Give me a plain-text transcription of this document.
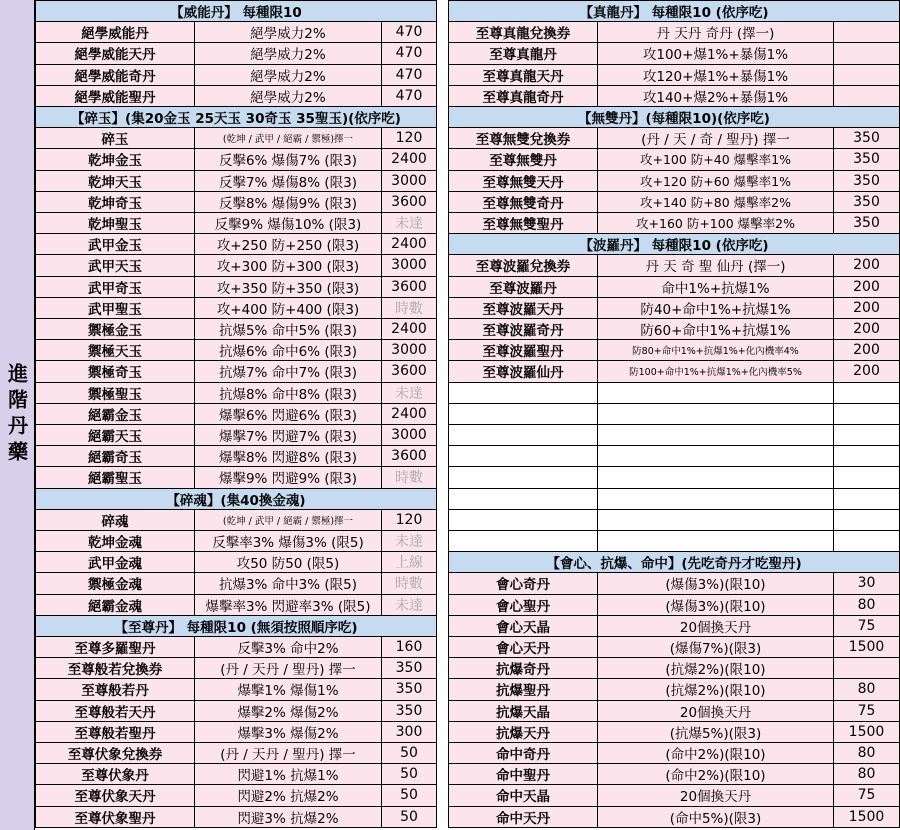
進階丹藥
【威能丹】 每種限10
絕學威能丹	絕學威力2%	470
絕學威能天丹	絕學威力2%	470
絕學威能奇丹	絕學威力2%	470
絕學威能聖丹	絕學威力2%	470
【碎玉】(集20金玉 25天玉 30奇玉 35聖玉)(依序吃)
碎玉	(乾坤 / 武甲 / 絕霸 / 禦極)擇一	120
乾坤金玉	反擊6% 爆傷7% (限3)	2400
乾坤天玉	反擊7% 爆傷8% (限3)	3000
乾坤奇玉	反擊8% 爆傷9% (限3)	3600
乾坤聖玉	反擊9% 爆傷10% (限3)	未達
武甲金玉	攻+250 防+250 (限3)	2400
武甲天玉	攻+300 防+300 (限3)	3000
武甲奇玉	攻+350 防+350 (限3)	3600
武甲聖玉	攻+400 防+400 (限3)	時數
禦極金玉	抗爆5% 命中5% (限3)	2400
禦極天玉	抗爆6% 命中6% (限3)	3000
禦極奇玉	抗爆7% 命中7% (限3)	3600
禦極聖玉	抗爆8% 命中8% (限3)	未達
絕霸金玉	爆擊6% 閃避6% (限3)	2400
絕霸天玉	爆擊7% 閃避7% (限3)	3000
絕霸奇玉	爆擊8% 閃避8% (限3)	3600
絕霸聖玉	爆擊9% 閃避9% (限3)	時數
【碎魂】(集40換金魂)
碎魂	(乾坤 / 武甲 / 絕霸 / 禦極)擇一	120
乾坤金魂	反擊率3% 爆傷3% (限5)	未達
武甲金魂	攻50 防50 (限5)	上線
禦極金魂	抗爆3% 命中3% (限5)	時數
絕霸金魂	爆擊率3% 閃避率3% (限5)	未達
【至尊丹】 每種限10 (無須按照順序吃)
至尊多羅聖丹	反擊3% 命中2%	160
至尊般若兌換券	(丹 / 天丹 / 聖丹) 擇一	350
至尊般若丹	爆擊1% 爆傷1%	350
至尊般若天丹	爆擊2% 爆傷2%	350
至尊般若聖丹	爆擊3% 爆傷2%	300
至尊伏象兌換券	(丹 / 天丹 / 聖丹) 擇一	50
至尊伏象丹	閃避1% 抗爆1%	50
至尊伏象天丹	閃避2% 抗爆2%	50
至尊伏象聖丹	閃避3% 抗爆2%	50
【真龍丹】 每種限10 (依序吃)
至尊真龍兌換券	丹 天丹 奇丹 (擇一)
至尊真龍丹	攻100+爆1%+暴傷1%
至尊真龍天丹	攻120+爆1%+暴傷1%
至尊真龍奇丹	攻140+爆2%+暴傷1%
【無雙丹】(每種限10)(依序吃)
至尊無雙兌換券	(丹 / 天 / 奇 / 聖丹) 擇一	350
至尊無雙丹	攻+100 防+40 爆擊率1%	350
至尊無雙天丹	攻+120 防+60 爆擊率1%	350
至尊無雙奇丹	攻+140 防+80 爆擊率2%	350
至尊無雙聖丹	攻+160 防+100 爆擊率2%	350
【波羅丹】 每種限10 (依序吃)
至尊波羅兌換券	丹 天 奇 聖 仙丹 (擇一)	200
至尊波羅丹	命中1%+抗爆1%	200
至尊波羅天丹	防40+命中1%+抗爆1%	200
至尊波羅奇丹	防60+命中1%+抗爆1%	200
至尊波羅聖丹	防80+命中1%+抗爆1%+化內機率4%	200
至尊波羅仙丹	防100+命中1%+抗爆1%+化內機率5%	200
【會心、抗爆、命中】(先吃奇丹才吃聖丹)
會心奇丹	(爆傷3%)(限10)	30
會心聖丹	(爆傷3%)(限10)	80
會心天晶	20個換天丹	75
會心天丹	(爆傷7%)(限3)	1500
抗爆奇丹	(抗爆2%)(限10)
抗爆聖丹	(抗爆2%)(限10)	80
抗爆天晶	20個換天丹	75
抗爆天丹	(抗爆5%)(限3)	1500
命中奇丹	(命中2%)(限10)	80
命中聖丹	(命中2%)(限10)	80
命中天晶	20個換天丹	75
命中天丹	(命中5%)(限3)	1500
